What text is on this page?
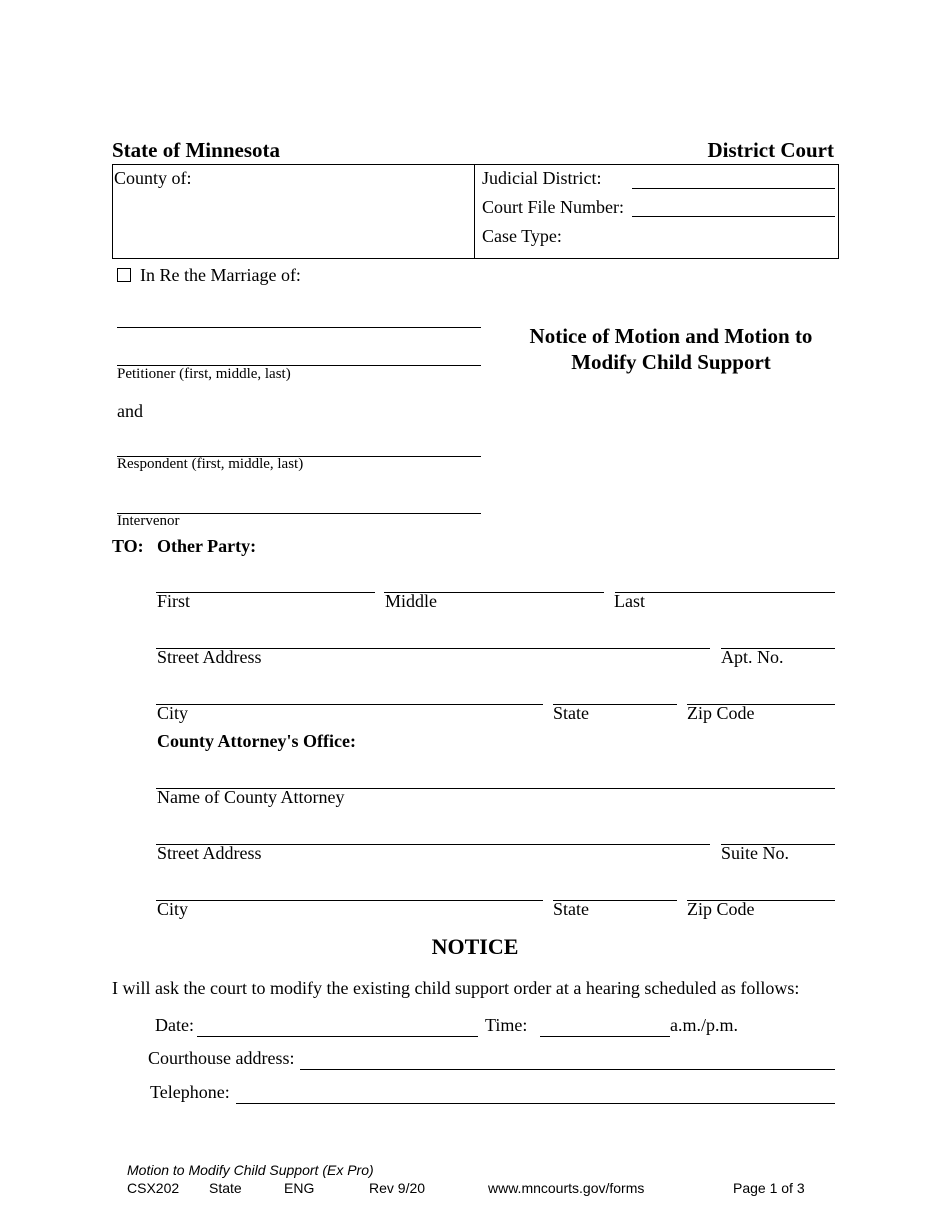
State of Minnesota	District Court
County of:	Judicial District:
Court File Number:
Case Type:
In Re the Marriage of:
Petitioner (first, middle, last)
and
Respondent (first, middle, last)
Intervenor
Notice of Motion and Motion to
Modify Child Support
TO: Other Party:
First	Middle	Last
Street Address	Apt. No.
City	State	Zip Code
County Attorney's Office:
Name of County Attorney
Street Address	Suite No.
City	State	Zip Code
NOTICE
I will ask the court to modify the existing child support order at a hearing scheduled as follows:
Date:	Time:	a.m./p.m.
Courthouse address:
Telephone:
Motion to Modify Child Support (Ex Pro)
CSX202 State	ENG	Rev 9/20	www.mncourts.gov/forms	Page 1 of 3
